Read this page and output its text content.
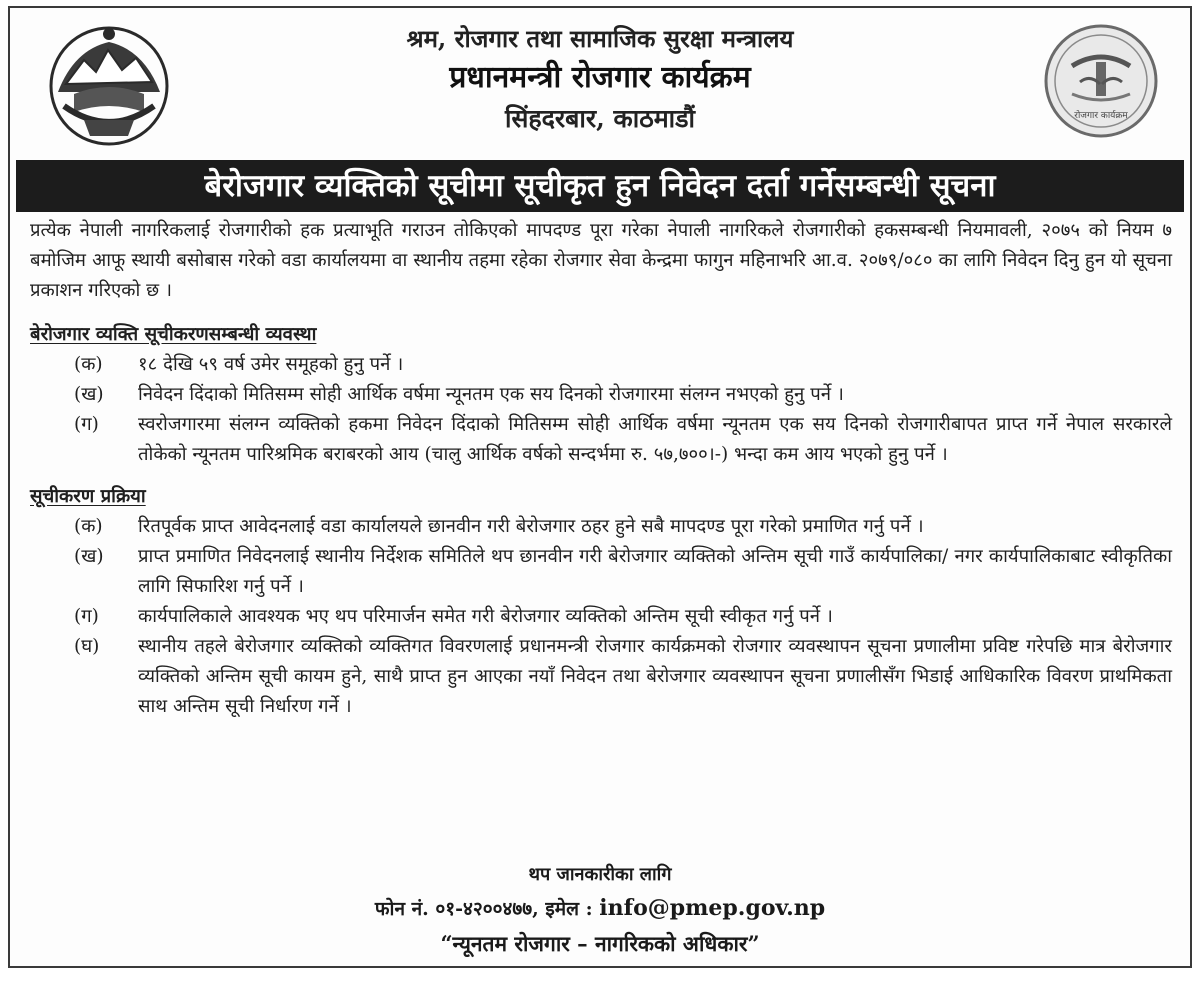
श्रम, रोजगार तथा सामाजिक सुरक्षा मन्त्रालय
प्रधानमन्त्री रोजगार कार्यक्रम
सिंहदरबार, काठमाडौं	रोजगार कार्यक्रम
बेरोजगार व्यक्तिको सूचीमा सूचीकृत हुन निवेदन दर्ता गर्नेसम्बन्धी सूचना

प्रत्येक नेपाली नागरिकलाई रोजगारीको हक प्रत्याभूति गराउन तोकिएको मापदण्ड पूरा गरेका नेपाली नागरिकले रोजगारीको हकसम्बन्धी नियमावली, २०७५ को नियम ७ बमोजिम आफू स्थायी बसोबास गरेको वडा कार्यालयमा वा स्थानीय तहमा रहेका रोजगार सेवा केन्द्रमा फागुन महिनाभरि आ.व. २०७९/०८० का लागि निवेदन दिनु हुन यो सूचना प्रकाशन गरिएको छ ।

बेरोजगार व्यक्ति सूचीकरणसम्बन्धी व्यवस्था

(क)	१८ देखि ५९ वर्ष उमेर समूहको हुनु पर्ने ।
(ख)	निवेदन दिंदाको मितिसम्म सोही आर्थिक वर्षमा न्यूनतम एक सय दिनको रोजगारमा संलग्न नभएको हुनु पर्ने ।
(ग)	स्वरोजगारमा संलग्न व्यक्तिको हकमा निवेदन दिंदाको मितिसम्म सोही आर्थिक वर्षमा न्यूनतम एक सय दिनको रोजगारीबापत प्राप्त गर्ने नेपाल सरकारले तोकेको न्यूनतम पारिश्रमिक बराबरको आय (चालु आर्थिक वर्षको सन्दर्भमा रु. ५७,७००।-) भन्दा कम आय भएको हुनु पर्ने ।

सूचीकरण प्रक्रिया

(क)	रितपूर्वक प्राप्त आवेदनलाई वडा कार्यालयले छानवीन गरी बेरोजगार ठहर हुने सबै मापदण्ड पूरा गरेको प्रमाणित गर्नु पर्ने ।
(ख)	प्राप्त प्रमाणित निवेदनलाई स्थानीय निर्देशक समितिले थप छानवीन गरी बेरोजगार व्यक्तिको अन्तिम सूची गाउँ कार्यपालिका/ नगर कार्यपालिकाबाट स्वीकृतिका लागि सिफारिश गर्नु पर्ने ।
(ग)	कार्यपालिकाले आवश्यक भए थप परिमार्जन समेत गरी बेरोजगार व्यक्तिको अन्तिम सूची स्वीकृत गर्नु पर्ने ।
(घ)	स्थानीय तहले बेरोजगार व्यक्तिको व्यक्तिगत विवरणलाई प्रधानमन्त्री रोजगार कार्यक्रमको रोजगार व्यवस्थापन सूचना प्रणालीमा प्रविष्ट गरेपछि मात्र बेरोजगार व्यक्तिको अन्तिम सूची कायम हुने, साथै प्राप्त हुन आएका नयाँ निवेदन तथा बेरोजगार व्यवस्थापन सूचना प्रणालीसँग भिडाई आधिकारिक विवरण प्राथमिकता साथ अन्तिम सूची निर्धारण गर्ने ।
थप जानकारीका लागि
फोन नं. ०१-४२००४७७, इमेल : info@pmep.gov.np
“न्यूनतम रोजगार – नागरिकको अधिकार”
